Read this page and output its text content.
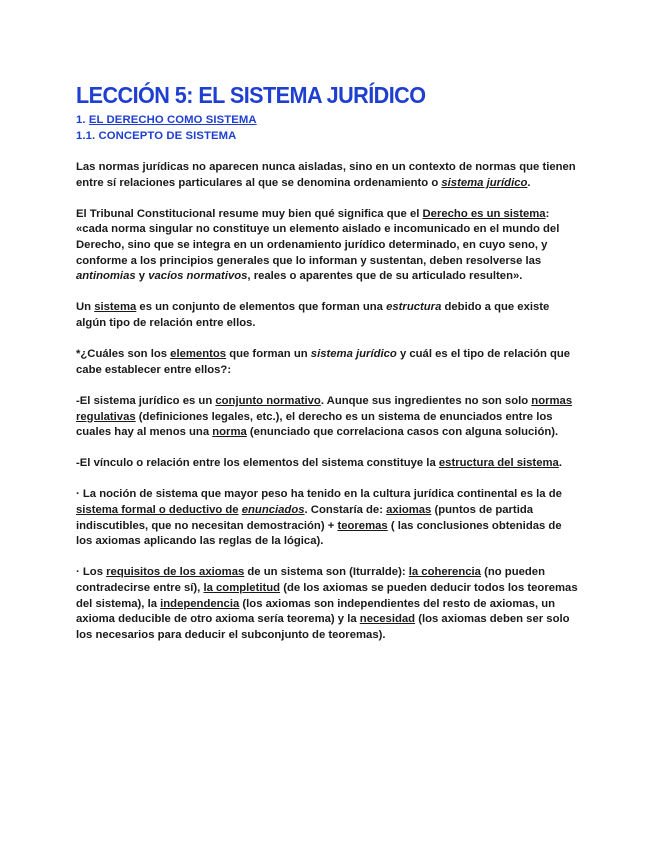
LECCIÓN 5: EL SISTEMA JURÍDICO
1. EL DERECHO COMO SISTEMA
1.1. CONCEPTO DE SISTEMA

Las normas jurídicas no aparecen nunca aisladas, sino en un contexto de normas que tienen entre sí relaciones particulares al que se denomina ordenamiento o sistema jurídico.

El Tribunal Constitucional resume muy bien qué significa que el Derecho es un sistema: «cada norma singular no constituye un elemento aislado e incomunicado en el mundo del Derecho, sino que se integra en un ordenamiento jurídico determinado, en cuyo seno, y conforme a los principios generales que lo informan y sustentan, deben resolverse las antinomias y vacíos normativos, reales o aparentes que de su articulado resulten».

Un sistema es un conjunto de elementos que forman una estructura debido a que existe algún tipo de relación entre ellos.

*¿Cuáles son los elementos que forman un sistema jurídico y cuál es el tipo de relación que cabe establecer entre ellos?:

-El sistema jurídico es un conjunto normativo. Aunque sus ingredientes no son solo normas regulativas (definiciones legales, etc.), el derecho es un sistema de enunciados entre los cuales hay al menos una norma (enunciado que correlaciona casos con alguna solución).

-El vínculo o relación entre los elementos del sistema constituye la estructura del sistema.

· La noción de sistema que mayor peso ha tenido en la cultura jurídica continental es la de sistema formal o deductivo de enunciados. Constaría de: axiomas (puntos de partida indiscutibles, que no necesitan demostración) + teoremas ( las conclusiones obtenidas de los axiomas aplicando las reglas de la lógica).

· Los requisitos de los axiomas de un sistema son (Iturralde): la coherencia (no pueden contradecirse entre sí), la completitud (de los axiomas se pueden deducir todos los teoremas del sistema), la independencia (los axiomas son independientes del resto de axiomas, un axioma deducible de otro axioma sería teorema) y la necesidad (los axiomas deben ser solo los necesarios para deducir el subconjunto de teoremas).
